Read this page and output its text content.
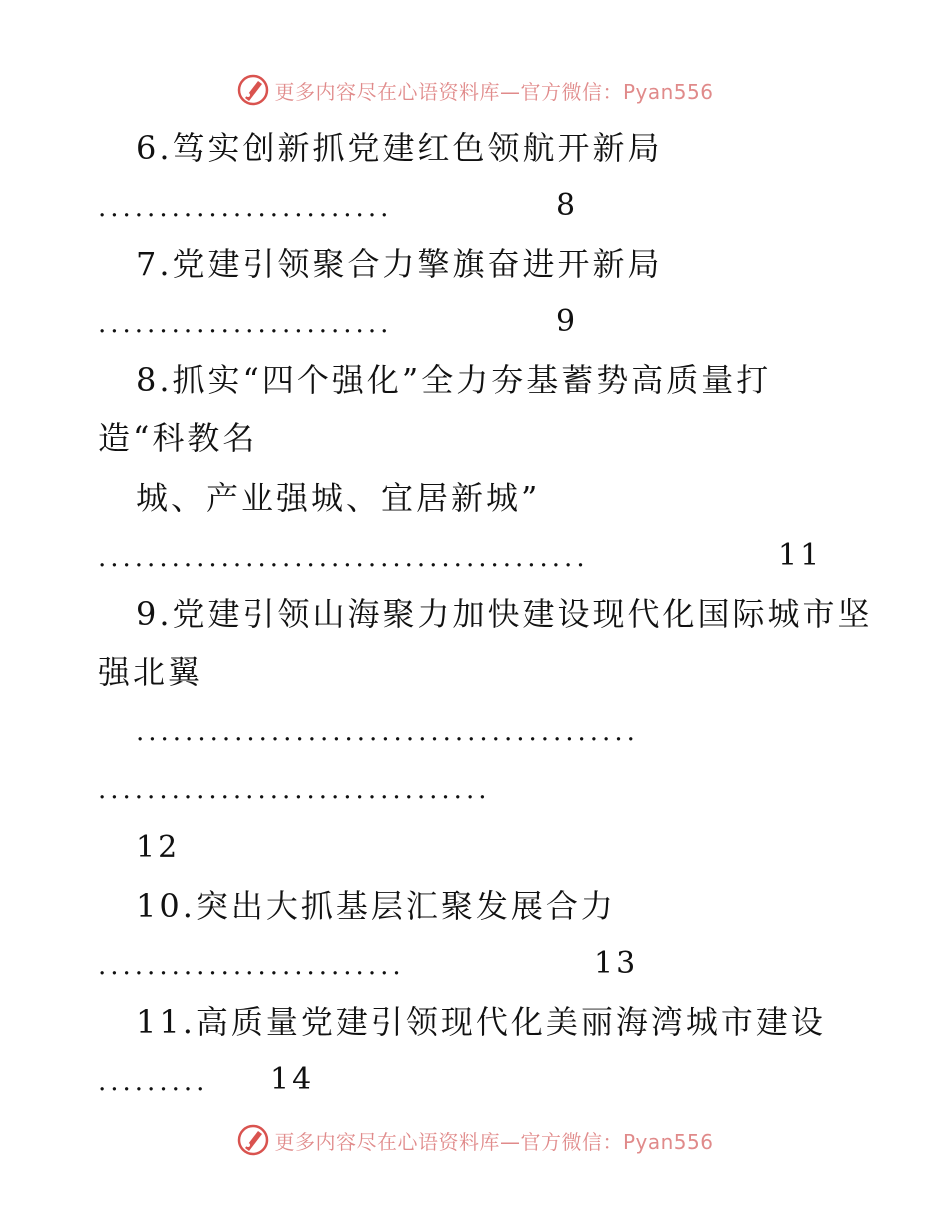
更多内容尽在心语资料库—官方微信：Pyan556
6.笃实创新抓党建红色领航开新局
........................	8
7.党建引领聚合力擎旗奋进开新局
........................	9
8.抓实“四个强化”全力夯基蓄势高质量打
造“科教名
城、产业强城、宜居新城”
........................................	11
9.党建引领山海聚力加快建设现代化国际城市坚
强北翼
.........................................
................................
12
10.突出大抓基层汇聚发展合力
.........................	13
11.高质量党建引领现代化美丽海湾城市建设
......... 14
更多内容尽在心语资料库—官方微信：Pyan556
